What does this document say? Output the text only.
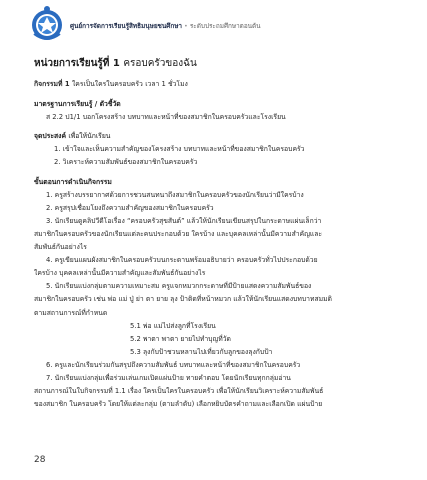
ศูนย์การจัดการเรียนรู้สิทธิมนุษยชนศึกษา • ระดับประถมศึกษาตอนต้น
หน่วยการเรียนรู้ที่ 1 ครอบครัวของฉัน
กิจกรรมที่ 1 ใครเป็นใครในครอบครัว เวลา 1 ชั่วโมง
มาตรฐานการเรียนรู้ / ตัวชี้วัด

ส 2.2 ป1/1 บอกโครงสร้าง บทบาทและหน้าที่ของสมาชิกในครอบครัวและโรงเรียน

จุดประสงค์ เพื่อให้นักเรียน

1. เข้าใจและเห็นความสำคัญของโครงสร้าง บทบาทและหน้าที่ของสมาชิกในครอบครัว

2. วิเคราะห์ความสัมพันธ์ของสมาชิกในครอบครัว

ขั้นตอนการดำเนินกิจกรรม

1. ครูสร้างบรรยากาศด้วยการชวนสนทนาถึงสมาชิกในครอบครัวของนักเรียนว่ามีใครบ้าง

2. ครูสรุปเชื่อมโยงถึงความสำคัญของสมาชิกในครอบครัว

3. นักเรียนดูคลิปวีดีโอเรื่อง “ครอบครัวสุขสันต์” แล้วให้นักเรียนเขียนสรุปในกระดาษแผ่นเล็กว่า

สมาชิกในครอบครัวของนักเรียนแต่ละคนประกอบด้วย ใครบ้าง และบุคคลเหล่านั้นมีความสำคัญและ

สัมพันธ์กันอย่างไร

4. ครูเขียนแผนผังสมาชิกในครอบครัวบนกระดานพร้อมอธิบายว่า ครอบครัวทั่วไปประกอบด้วย

ใครบ้าง บุคคลเหล่านั้นมีความสำคัญและสัมพันธ์กันอย่างไร

5. นักเรียนแบ่งกลุ่มตามความเหมาะสม ครูแจกหมวกกระดาษที่มีป้ายแสดงความสัมพันธ์ของ

สมาชิกในครอบครัว เช่น พ่อ แม่ ปู่ ย่า ตา ยาย ลุง ป้าติดที่หน้าหมวก แล้วให้นักเรียนแสดงบทบาทสมมติ

ตามสถานการณ์ที่กำหนด

5.1 พ่อ แม่ไปส่งลูกที่โรงเรียน

5.2 พาตา พาตา ยายไปทำบุญที่วัด

5.3 ลุงกับป้าชวนหลานไปเที่ยวกับลูกของลุงกับป้า

6. ครูและนักเรียนร่วมกันสรุปถึงความสัมพันธ์ บทบาทและหน้าที่ของสมาชิกในครอบครัว

7. นักเรียนแบ่งกลุ่มเพื่อร่วมเล่นเกมเปิดแผ่นป้าย ทายคำตอบ โดยนักเรียนทุกกลุ่มอ่าน

สถานการณ์ในใบกิจกรรมที่ 1.1 เรื่อง ใครเป็นใครในครอบครัว เพื่อให้นักเรียนวิเคราะห์ความสัมพันธ์

ของสมาชิก ในครอบครัว โดยให้แต่ละกลุ่ม (ตามลำดับ) เลือกหยิบบัตรคำถามและเลือกเปิด แผ่นป้าย

28
